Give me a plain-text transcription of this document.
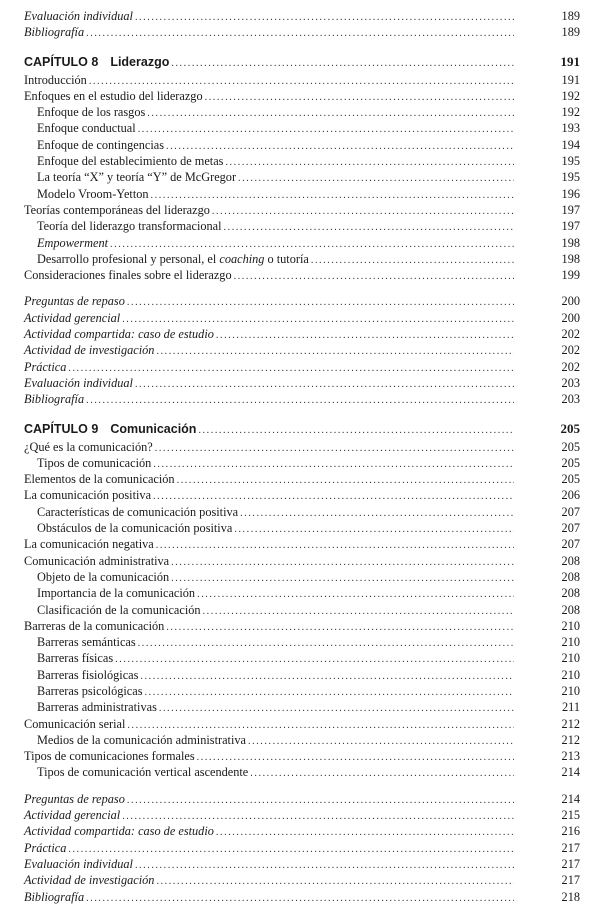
Evaluación individual .....	189
Bibliografía .....	189
CAPÍTULO 8 Liderazgo .....	191
Introducción .....	191
Enfoques en el estudio del liderazgo .....	192
Enfoque de los rasgos .....	192
Enfoque conductual .....	193
Enfoque de contingencias .....	194
Enfoque del establecimiento de metas .....	195
La teoría “X” y teoría “Y” de McGregor .....	195
Modelo Vroom-Yetton .....	196
Teorías contemporáneas del liderazgo .....	197
Teoría del liderazgo transformacional .....	197
Empowerment .....	198
Desarrollo profesional y personal, el coaching o tutoría .....	198
Consideraciones finales sobre el liderazgo .....	199
Preguntas de repaso .....	200
Actividad gerencial .....	200
Actividad compartida: caso de estudio .....	202
Actividad de investigación .....	202
Práctica .....	202
Evaluación individual .....	203
Bibliografía .....	203
CAPÍTULO 9 Comunicación .....	205
¿Qué es la comunicación? .....	205
Tipos de comunicación .....	205
Elementos de la comunicación .....	205
La comunicación positiva .....	206
Características de comunicación positiva .....	207
Obstáculos de la comunicación positiva .....	207
La comunicación negativa .....	207
Comunicación administrativa .....	208
Objeto de la comunicación .....	208
Importancia de la comunicación .....	208
Clasificación de la comunicación .....	208
Barreras de la comunicación .....	210
Barreras semánticas .....	210
Barreras físicas .....	210
Barreras fisiológicas .....	210
Barreras psicológicas .....	210
Barreras administrativas .....	211
Comunicación serial .....	212
Medios de la comunicación administrativa .....	212
Tipos de comunicaciones formales .....	213
Tipos de comunicación vertical ascendente .....	214
Preguntas de repaso .....	214
Actividad gerencial .....	215
Actividad compartida: caso de estudio .....	216
Práctica .....	217
Evaluación individual .....	217
Actividad de investigación .....	217
Bibliografía .....	218
